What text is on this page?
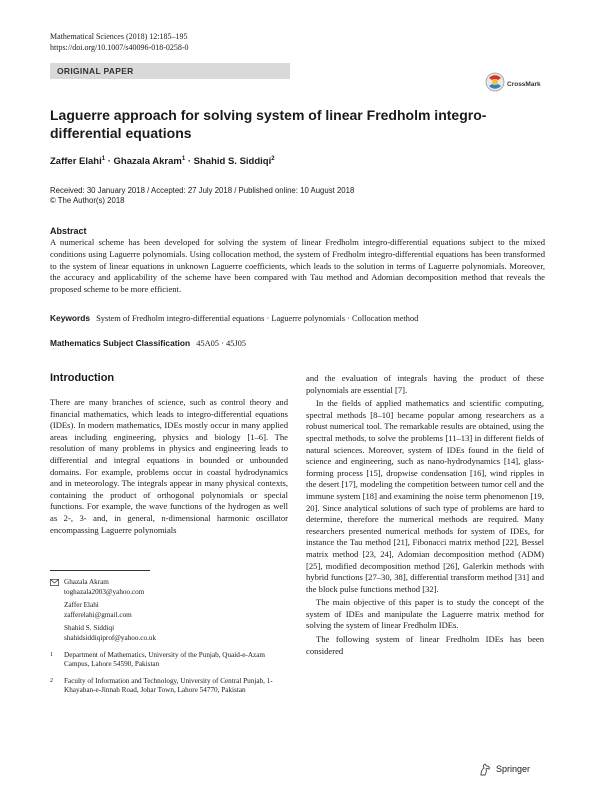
Mathematical Sciences (2018) 12:185–195
https://doi.org/10.1007/s40096-018-0258-0
ORIGINAL PAPER
CrossMark
Laguerre approach for solving system of linear Fredholm integro-differential equations
Zaffer Elahi$^1$ · Ghazala Akram$^1$ · Shahid S. Siddiqi$^2$
Received: 30 January 2018 / Accepted: 27 July 2018 / Published online: 10 August 2018
© The Author(s) 2018
Abstract

A numerical scheme has been developed for solving the system of linear Fredholm integro-differential equations subject to the mixed conditions using Laguerre polynomials. Using collocation method, the system of Fredholm integro-differential equations has been transformed to the system of linear equations in unknown Laguerre coefficients, which leads to the solution in terms of Laguerre polynomials. Moreover, the accuracy and applicability of the scheme have been compared with Tau method and Adomian decomposition method that reveals the proposed scheme to be more efficient.

Keywords System of Fredholm integro-differential equations · Laguerre polynomials · Collocation method
Mathematics Subject Classification 45A05 · 45J05
Introduction

There are many branches of science, such as control theory and financial mathematics, which leads to integro-differential equations (IDEs). In modern mathematics, IDEs mostly occur in many applied areas including engineering, physics and biology [1–6]. The resolution of many problems in physics and engineering leads to differential and integral equations in bounded or unbounded domains. For example, problems occur in coastal hydrodynamics and in meteorology. The integrals appear in many physical contexts, containing the product of orthogonal polynomials or special functions. For example, the wave functions of the hydrogen as well as 2-, 3- and, in general, n-dimensional harmonic oscillator encompassing Laguerre polynomials

and the evaluation of integrals having the product of these polynomials are essential [7].

In the fields of applied mathematics and scientific computing, spectral methods [8–10] became popular among researchers as a robust numerical tool. The remarkable results are obtained, using the spectral methods, to solve the problems [11–13] in different fields of natural sciences. Moreover, system of IDEs found in the field of science and engineering, such as nano-hydrodynamics [14], glass-forming process [15], dropwise condensation [16], wind ripples in the desert [17], modeling the competition between tumor cell and the immune system [18] and examining the noise term phenomenon [19, 20]. Since analytical solutions of such type of problems are hard to determine, therefore the numerical methods are required. Many researchers presented numerical methods for system of IDEs, for instance the Tau method [21], Fibonacci matrix method [22], Bessel matrix method [23, 24], Adomian decomposition method (ADM) [25], modified decomposition method [26], Galerkin methods with hybrid functions [27–30, 38], differential transform method [31] and the block pulse functions method [32].

The main objective of this paper is to study the concept of the system of IDEs and manipulate the Laguerre matrix method for solving the system of linear Fredholm IDEs.

The following system of linear Fredholm IDEs has been considered

Ghazala Akram
toghazala2003@yahoo.com
Zaffer Elahi
zafferelahi@gmail.com
Shahid S. Siddiqi
shahidsiddiqiprof@yahoo.co.uk
1 Department of Mathematics, University of the Punjab, Quaid-e-Azam Campus, Lahore 54590, Pakistan
2 Faculty of Information and Technology, University of Central Punjab, 1-Khayaban-e-Jinnah Road, Johar Town, Lahore 54770, Pakistan
Springer
